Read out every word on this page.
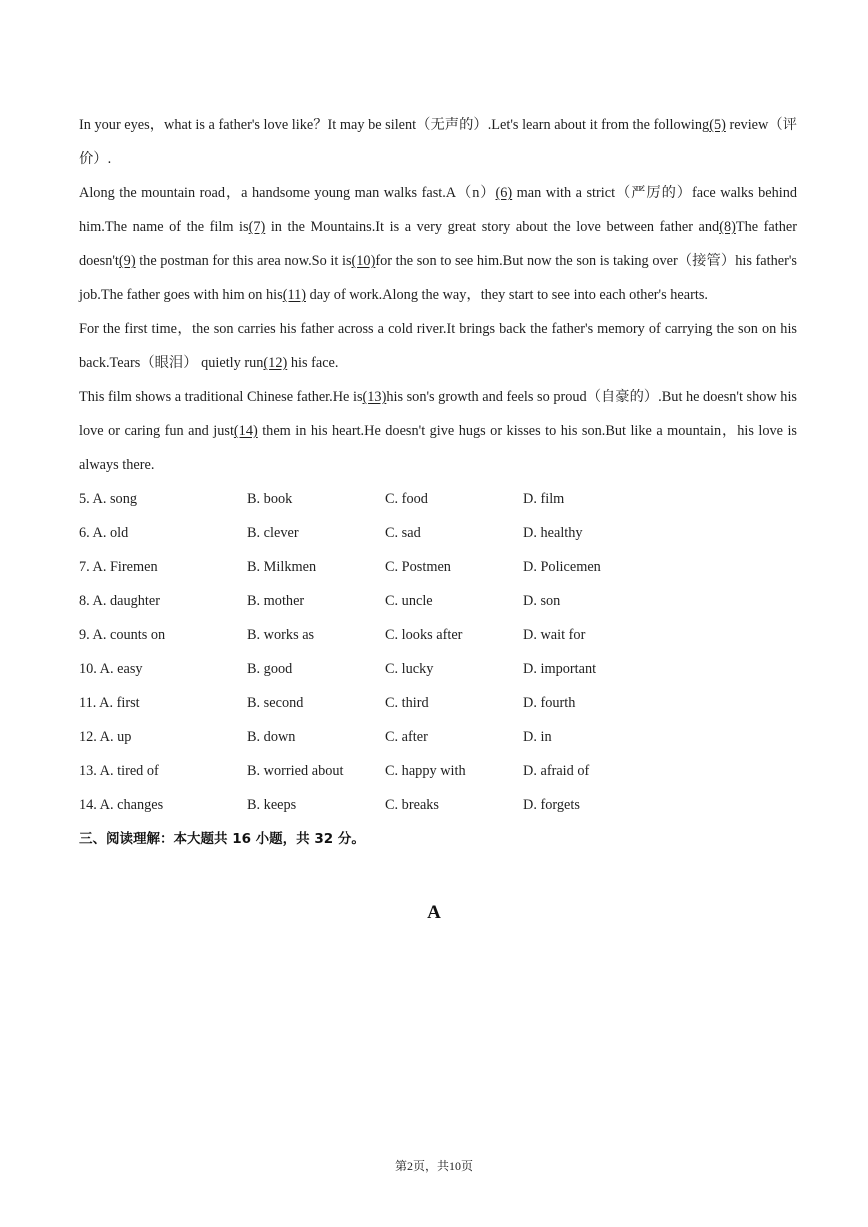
In your eyes，what is a father's love like？It may be silent（无声的）.Let's learn about it from the following(5) review（评价）.

Along the mountain road，a handsome young man walks fast.A（n）(6) man with a strict（严厉的）face walks behind him.The name of the film is(7) in the Mountains.It is a very great story about the love between father and(8)The father doesn't(9) the postman for this area now.So it is(10)for the son to see him.But now the son is taking over（接管）his father's job.The father goes with him on his(11) day of work.Along the way，they start to see into each other's hearts.

For the first time，the son carries his father across a cold river.It brings back the father's memory of carrying the son on his back.Tears（眼泪） quietly run(12) his face.

This film shows a traditional Chinese father.He is(13)his son's growth and feels so proud（自豪的）.But he doesn't show his love or caring fun and just(14) them in his heart.He doesn't give hugs or kisses to his son.But like a mountain，his love is always there.

5. A. song	B. book	C. food	D. film
6. A. old	B. clever	C. sad	D. healthy
7. A. Firemen	B. Milkmen	C. Postmen	D. Policemen
8. A. daughter	B. mother	C. uncle	D. son
9. A. counts on	B. works as	C. looks after	D. wait for
10. A. easy	B. good	C. lucky	D. important
11. A. first	B. second	C. third	D. fourth
12. A. up	B. down	C. after	D. in
13. A. tired of	B. worried about	C. happy with	D. afraid of
14. A. changes	B. keeps	C. breaks	D. forgets

三、阅读理解：本大题共 16 小题，共 32 分。

A
第2页，共10页
